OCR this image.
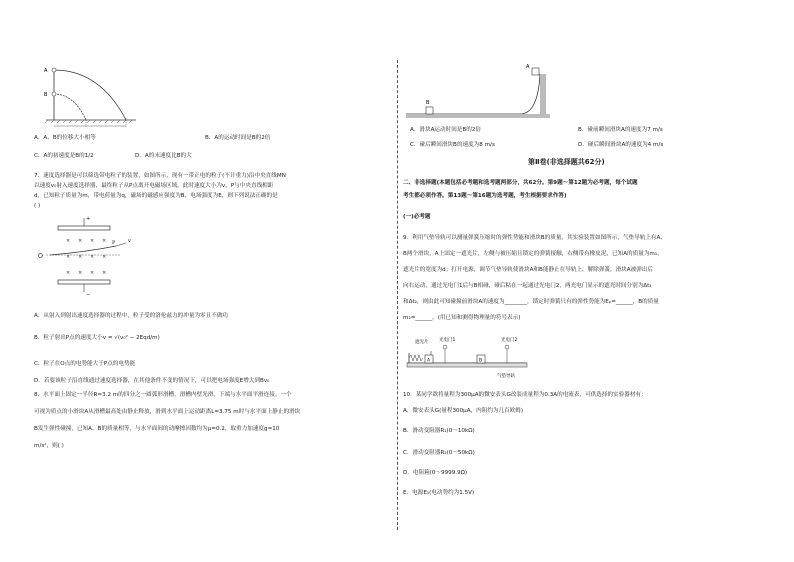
A
B
A．A、B的位移大小相等	B．A的运动时间是B的2倍
C．A的初速度是B的1/2	D．A的末速度比B的大
7．速度选择器是可以筛选带电粒子的装置，如图所示，现有一带正电的粒子(不计重力)沿中央直线MN
以速度v₀射入速度选择器，最终粒子从P点离开电磁场区域，此时速度大小为v，P与中央直线相距
d，已知粒子质量为m，带电荷量为q，磁场的磁感应强度为B，电场强度为E，则下列说法正确的是
( )
× × × ×
× × × ×
× × × ×
+
−
O
P	v
A．从射入到射出速度选择器的过程中，粒子受的洛伦兹力的冲量为零且不做功
B．粒子射出P点的速度大小v = √(v₀² − 2Eqd/m)
C．粒子在O点的电势能大于P点的电势能
D．若要该粒子沿直线通过速度选择器，在其他条件不变的情况下，可以把电场强度E增大到Bv₀
8．水平面上固定一半径R=3.2 m的四分之一圆弧形滑槽，滑槽内壁光滑，下端与水平面平滑连接。一个
可视为质点的小滑块A从滑槽最高处由静止释放，滑到水平面上运动距离L=3.75 m时与水平面上静止的滑块
B发生弹性碰撞，已知A、B的质量相等，与水平面间的动摩擦因数均为μ=0.2，取重力加速度g=10
m/s²，则( )
B
A
A．滑块A运动时间是B的2倍	B．碰前瞬间滑块A的速度为7 m/s
C．碰后瞬间滑块B的速度为8 m/s	D．碰后瞬间滑块A的速度为4 m/s
第Ⅱ卷(非选择题共62分)
二、非选择题(本题包括必考题和选考题两部分，共62分。第9题～第12题为必考题，每个试题
考生都必须作答。第13题～第16题为选考题，考生根据要求作答)
(一)必考题
9．利用气垫导轨可以测量弹簧压缩时的弹性势能和滑块B的质量，其实验装置如图所示，气垫导轨上有A、
B两个滑块，A上固定一遮光片，左侧与被压缩且锁定的弹簧接触，右侧带有橡皮泥，已知A的质量为m₁，
遮光片的宽度为d；打开电源，调节气垫导轨使滑块A和B能静止在导轨上，解除弹簧，滑块A被弹出后
向右运动，通过光电门1后与B相碰，碰后粘在一起通过光电门2，两光电门显示的遮光时间分别为Δt₁
和Δt₂，则由此可知碰撞前滑块A的速度为________，锁定时弹簧只有的弹性势能为Eₚ=______，B的质量
m₂=______。(用已知和测得物理量的符号表示)
遮光片 光电门1	光电门2
A	B
气垫导轨
10．某同学欲将量程为300μA的微安表头G改装成量程为0.3A的电流表，可供选择的实验器材有：
A．微安表头G(量程300μA，内阻约为几百欧姆)
B．滑动变阻器R₁(0～10kΩ)
C．滑动变阻器R₂(0～50kΩ)
D．电阻箱(0～9999.9Ω)
E．电源E₁(电动势约为1.5V)
